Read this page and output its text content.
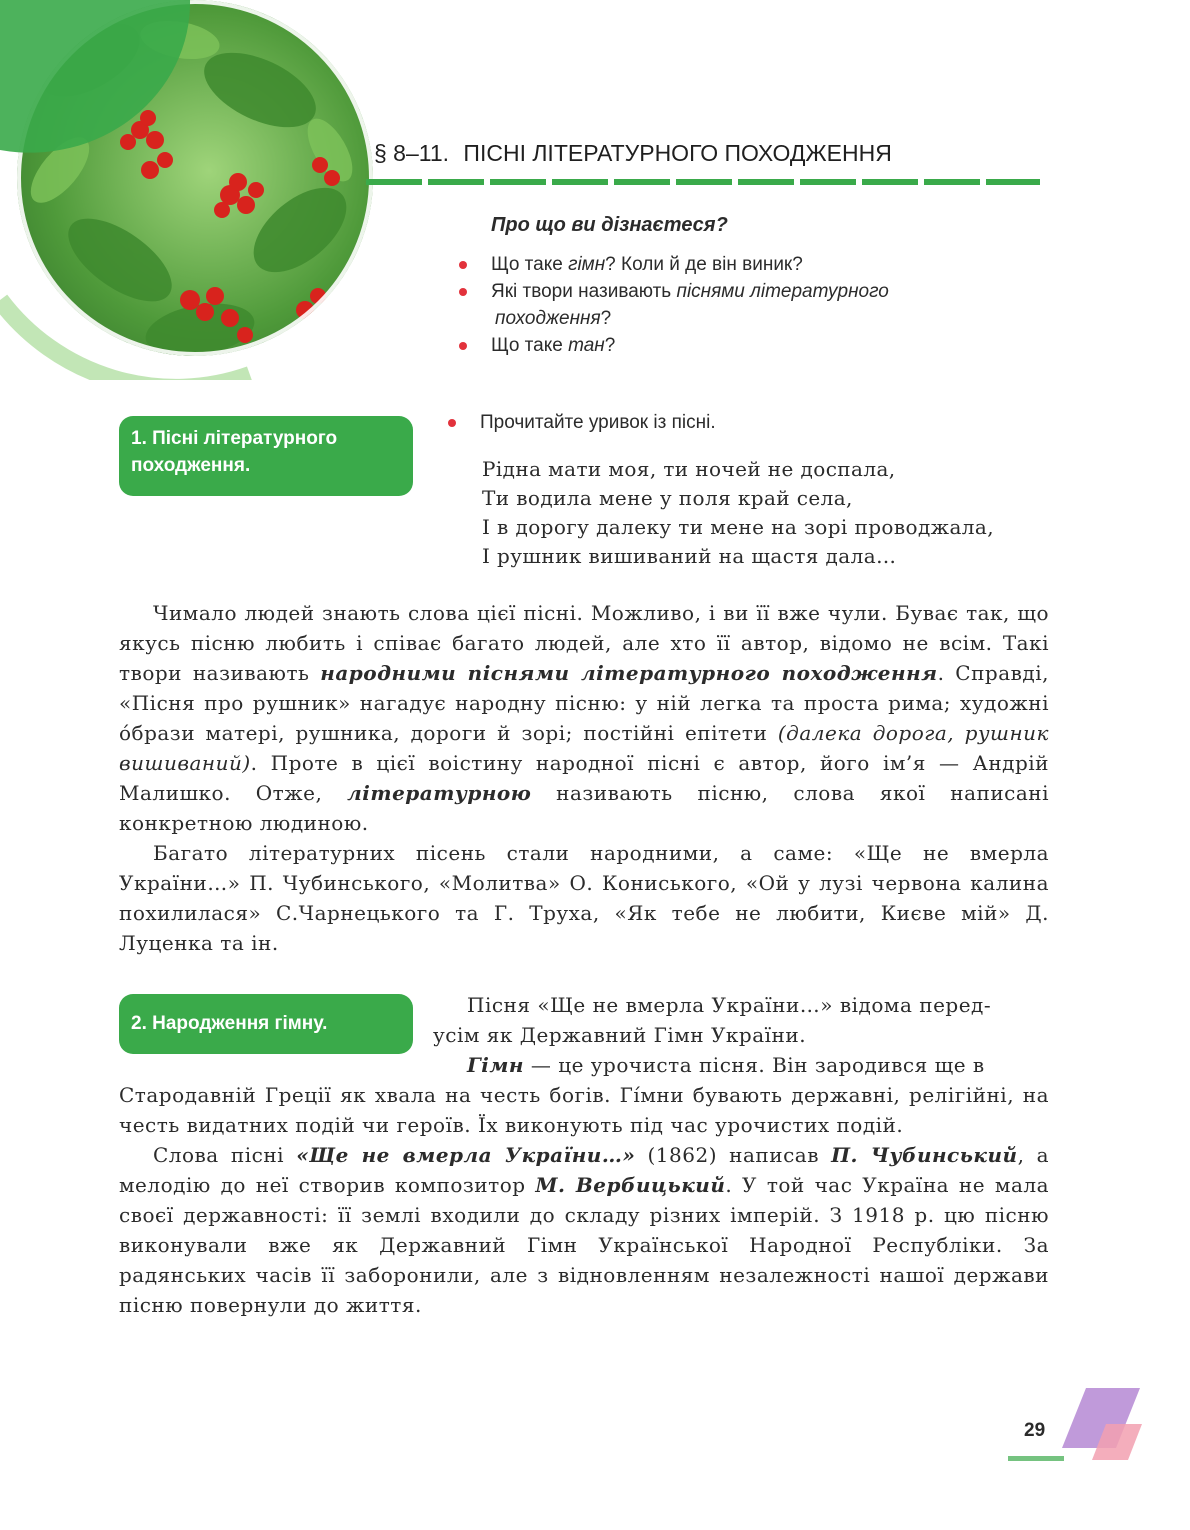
§ 8–11. ПІСНІ ЛІТЕРАТУРНОГО ПОХОДЖЕННЯ
Про що ви дізнаєтеся?
Що таке гімн? Коли й де він виник?
Які твори називають піснями літературного
походження?
Що таке тан?
1. Пісні літературного
походження.
Прочитайте уривок із пісні.
Рідна мати моя, ти ночей не доспала,
Ти водила мене у поля край села,
І в дорогу далеку ти мене на зорі проводжала,
І рушник вишиваний на щастя дала…

Чимало людей знають слова цієї пісні. Можливо, і ви її вже чули. Буває так, що якусь пісню любить і співає багато людей, але хто її автор, відомо не всім. Такі твори називають народними піснями літературного походження. Справді, «Пісня про рушник» нагадує народну пісню: у ній легка та проста рима; художні о́брази матері, рушника, дороги й зорі; постійні епітети (далека дорога, рушник вишиваний). Проте в цієї воістину народної пісні є автор, його ім’я — Андрій Малишко. Отже, літературною називають пісню, слова якої написані конкретною людиною.

Багато літературних пісень стали народними, а саме: «Ще не вмерла України…» П. Чубинського, «Молитва» О. Кониського, «Ой у лузі червона калина похилилася» С.Чарнецького та Г. Труха, «Як тебе не любити, Києве мій» Д. Луценка та ін.

2. Народження гімну.

Пісня «Ще не вмерла України…» відома перед-

усім як Державний Гімн України.

Гімн — це урочиста пісня. Він зародився ще в

Стародавній Греції як хвала на честь богів. Гі́мни бувають державні, релігійні, на честь видатних подій чи героїв. Їх виконують під час урочистих подій.

Слова пісні «Ще не вмерла України…» (1862) написав П. Чубинський, а мелодію до неї створив композитор М. Вербицький. У той час Україна не мала своєї державності: її землі входили до складу різних імперій. З 1918 р. цю пісню виконували вже як Державний Гімн Української Народної Республіки. За радянських часів її заборонили, але з відновленням незалежності нашої держави пісню повернули до життя.

29
